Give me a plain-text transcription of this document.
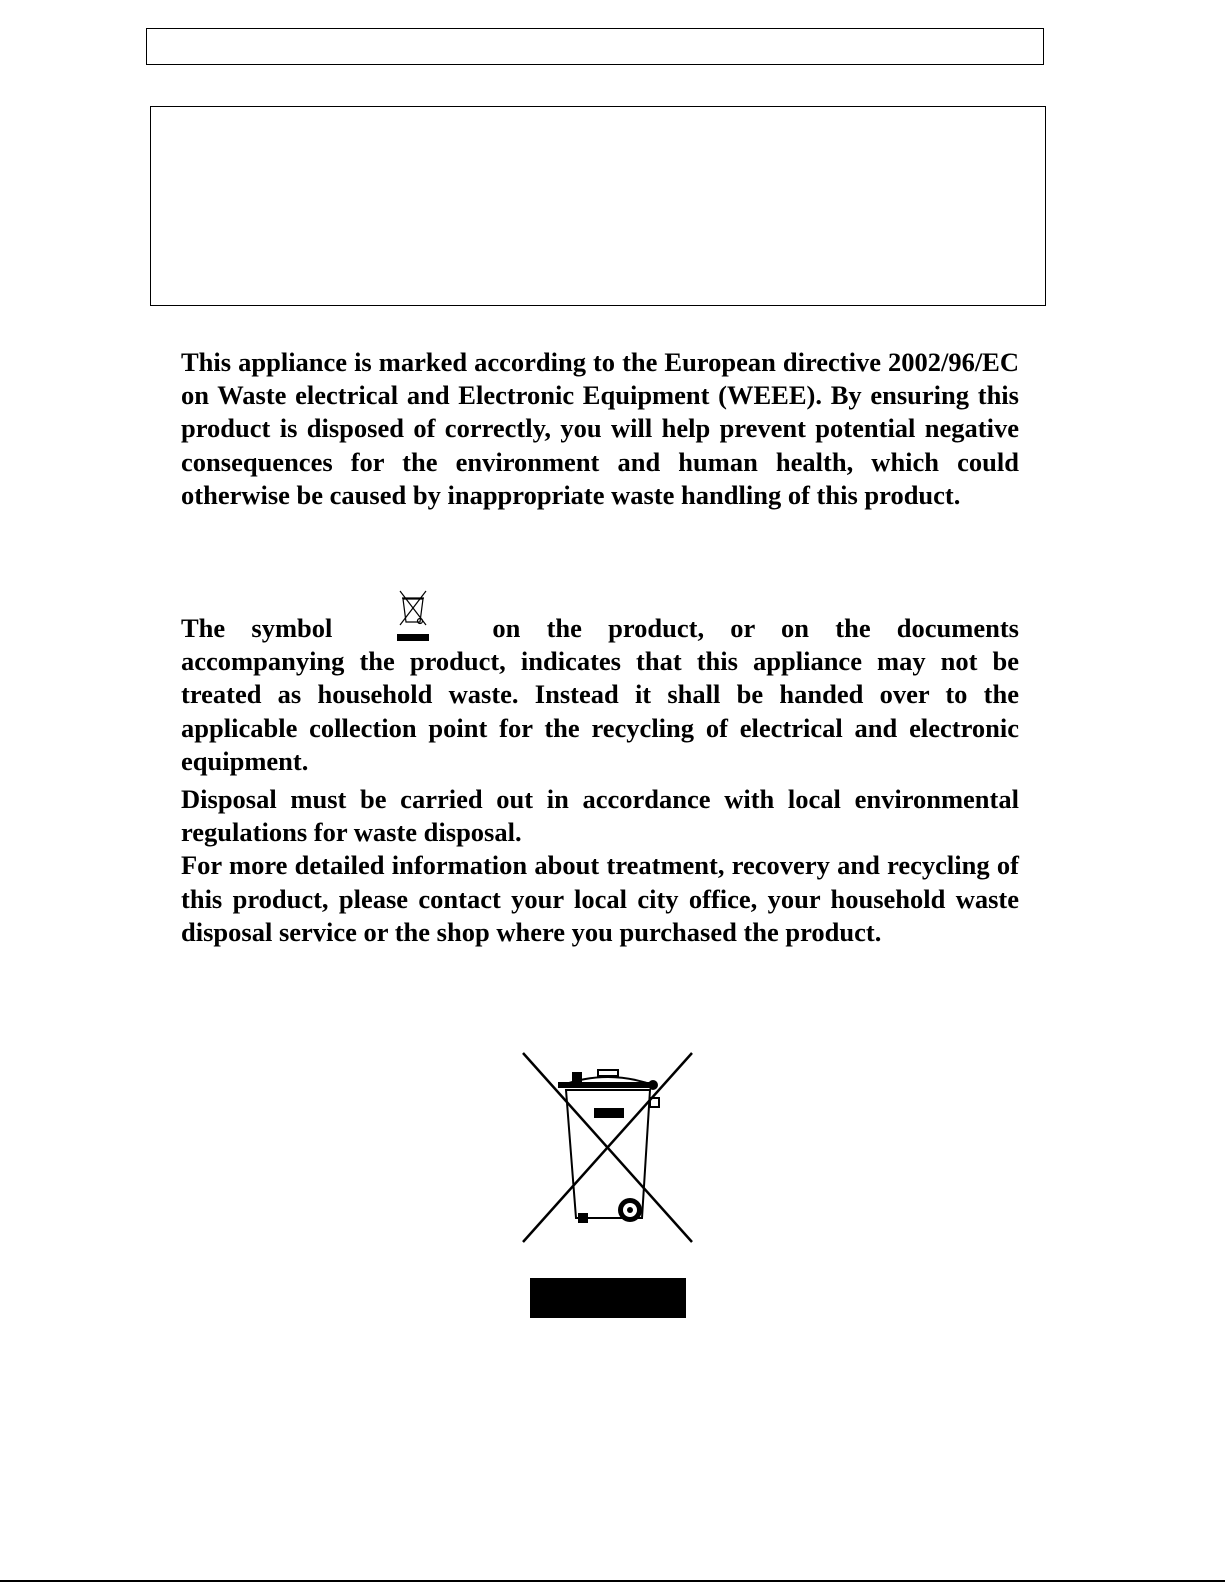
This appliance is marked according to the European directive 2002/96/EC on Waste electrical and Electronic Equipment (WEEE). By ensuring this product is disposed of correctly, you will help prevent potential negative consequences for the environment and human health, which could otherwise be caused by inappropriate waste handling of this product.

The symbol	on the product, or on the documents accompanying the product, indicates that this appliance may not be treated as household waste. Instead it shall be handed over to the applicable collection point for the recycling of electrical and electronic equipment.

Disposal must be carried out in accordance with local environmental regulations for waste disposal.
For more detailed information about treatment, recovery and recycling of this product, please contact your local city office, your household waste disposal service or the shop where you purchased the product.
